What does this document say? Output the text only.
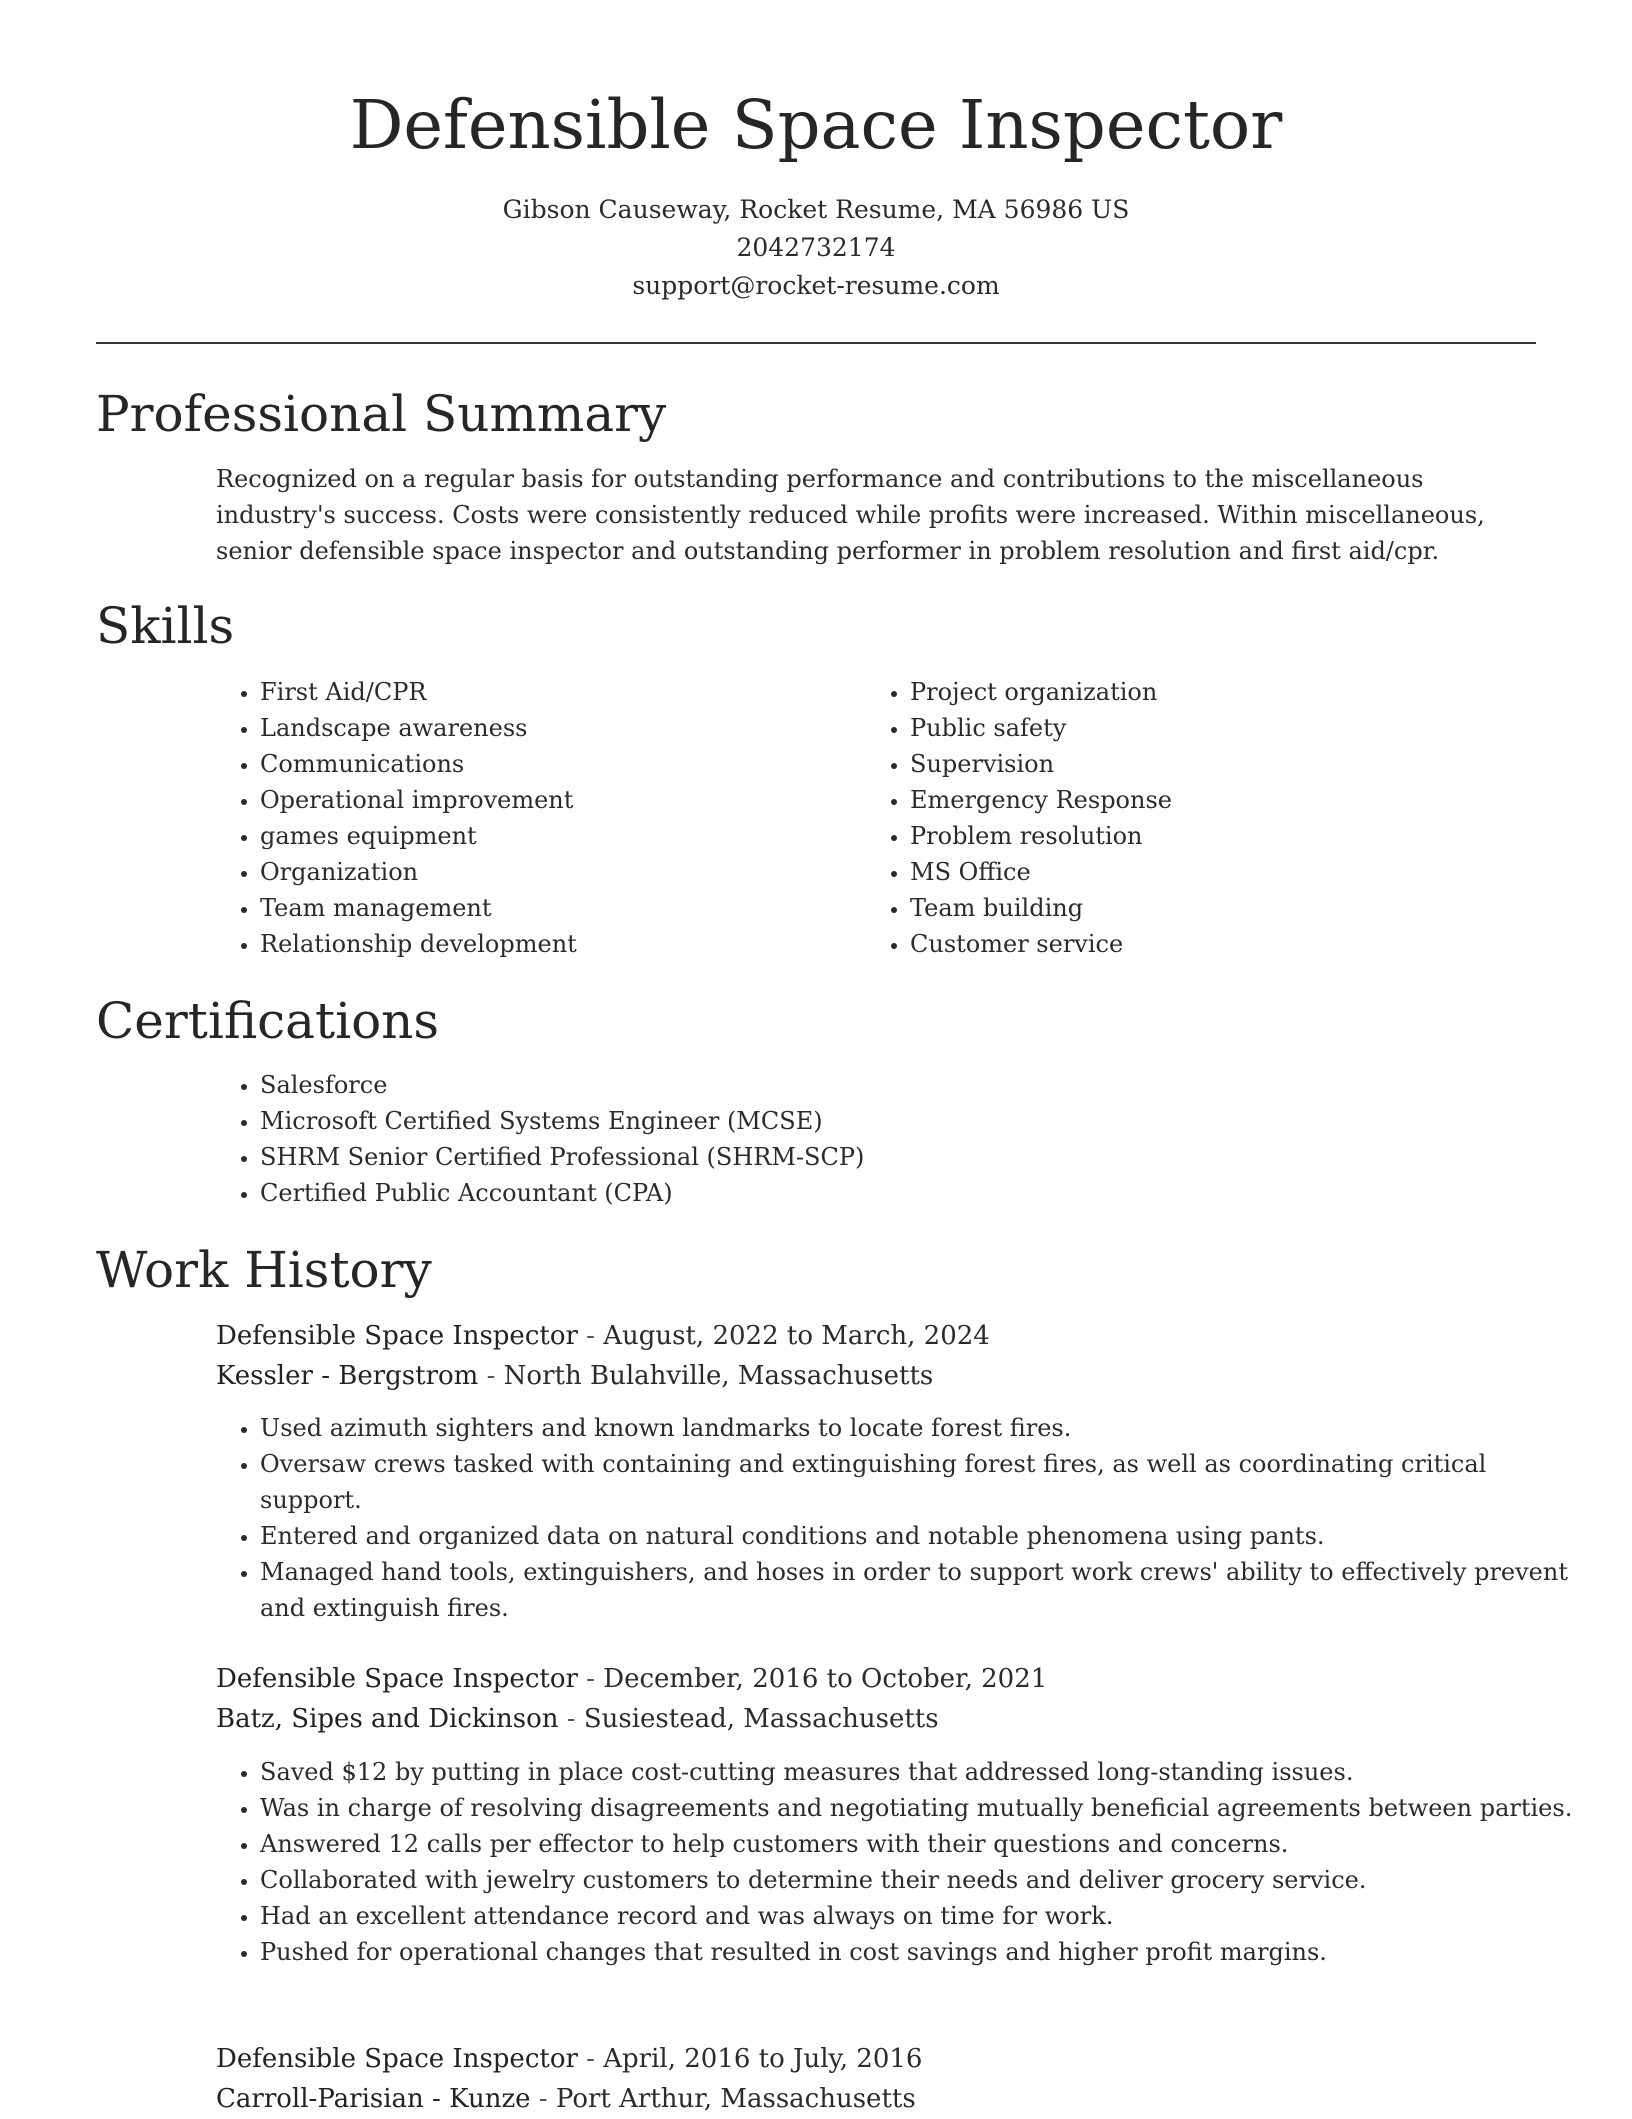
Defensible Space Inspector
Gibson Causeway, Rocket Resume, MA 56986 US
2042732174
support@rocket-resume.com
Professional Summary

Recognized on a regular basis for outstanding performance and contributions to the miscellaneous industry's success. Costs were consistently reduced while profits were increased. Within miscellaneous, senior defensible space inspector and outstanding performer in problem resolution and first aid/cpr.

Skills
• First Aid/CPR
• Landscape awareness
• Communications
• Operational improvement
• games equipment
• Organization
• Team management
• Relationship development
• Project organization
• Public safety
• Supervision
• Emergency Response
• Problem resolution
• MS Office
• Team building
• Customer service
Certifications
• Salesforce
• Microsoft Certified Systems Engineer (MCSE)
• SHRM Senior Certified Professional (SHRM-SCP)
• Certified Public Accountant (CPA)
Work History
Defensible Space Inspector - August, 2022 to March, 2024
Kessler - Bergstrom - North Bulahville, Massachusetts
• Used azimuth sighters and known landmarks to locate forest fires.
• Oversaw crews tasked with containing and extinguishing forest fires, as well as coordinating critical support.
• Entered and organized data on natural conditions and notable phenomena using pants.
• Managed hand tools, extinguishers, and hoses in order to support work crews' ability to effectively prevent and extinguish fires.
Defensible Space Inspector - December, 2016 to October, 2021
Batz, Sipes and Dickinson - Susiestead, Massachusetts
• Saved $12 by putting in place cost-cutting measures that addressed long-standing issues.
• Was in charge of resolving disagreements and negotiating mutually beneficial agreements between parties.
• Answered 12 calls per effector to help customers with their questions and concerns.
• Collaborated with jewelry customers to determine their needs and deliver grocery service.
• Had an excellent attendance record and was always on time for work.
• Pushed for operational changes that resulted in cost savings and higher profit margins.
Defensible Space Inspector - April, 2016 to July, 2016
Carroll-Parisian - Kunze - Port Arthur, Massachusetts
